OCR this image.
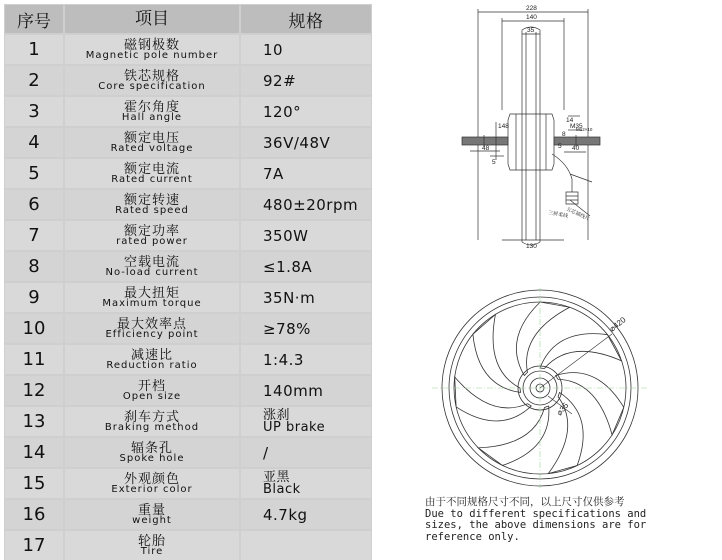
序号	项目	规格
1	磁钢极数
Magnetic pole number	10
2	铁芯规格
Core specification	92#
3	霍尔角度
Hall angle	120°
4	额定电压
Rated voltage	36V/48V
5	额定电流
Rated current	7A
6	额定转速
Rated speed	480±20rpm
7	额定功率
rated power	350W
8	空载电流
No-load current	≤1.8A
9	最大扭矩
Maximum torque	35N·m
10	最大效率点
Efficiency point	≥78%
11	减速比
Reduction ratio	1:4.3
12	开档
Open size	140mm
13	刹车方式
Braking method	涨刹
UP brake

14	辐条孔
Spoke hole	/
15	外观颜色
Exterior color	亚黑
Black

16	重量
weight	4.7kg
17	轮胎
Tire	

228
140
35
148
130
48
5
14
M35
8
M12×10
40
5
三拼柔线
五芯插线片
⌀420
⌀35
由于不同规格尺寸不同，以上尺寸仅供参考
Due to different specifications and
sizes, the above dimensions are for
reference only.
